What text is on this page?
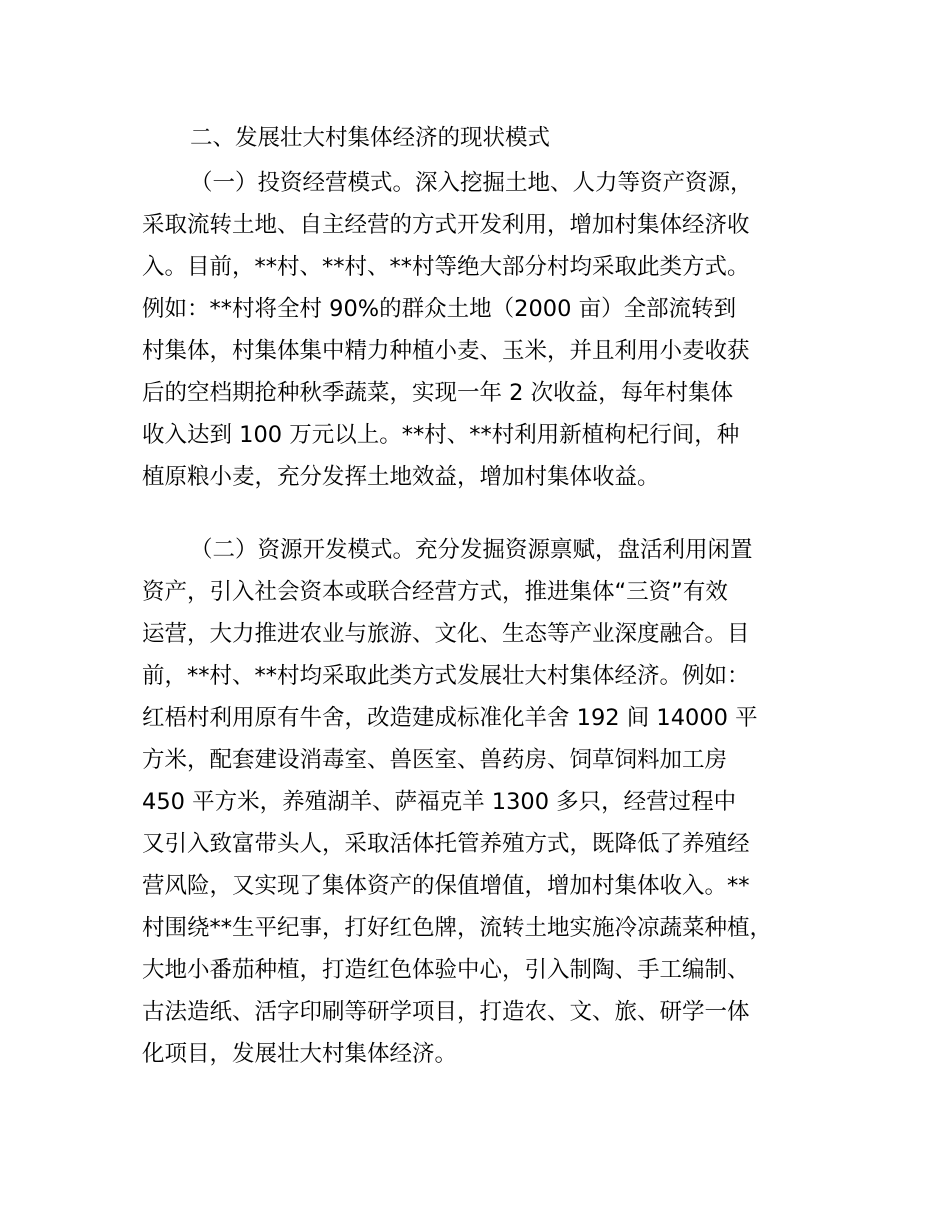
二、发展壮大村集体经济的现状模式
（一）投资经营模式。深入挖掘土地、人力等资产资源，
采取流转土地、自主经营的方式开发利用，增加村集体经济收
入。目前，**村、**村、**村等绝大部分村均采取此类方式。
例如：**村将全村 90%的群众土地（2000 亩）全部流转到
村集体，村集体集中精力种植小麦、玉米，并且利用小麦收获
后的空档期抢种秋季蔬菜，实现一年 2 次收益，每年村集体
收入达到 100 万元以上。**村、**村利用新植枸杞行间，种
植原粮小麦，充分发挥土地效益，增加村集体收益。
（二）资源开发模式。充分发掘资源禀赋，盘活利用闲置
资产，引入社会资本或联合经营方式，推进集体“三资”有效
运营，大力推进农业与旅游、文化、生态等产业深度融合。目
前，**村、**村均采取此类方式发展壮大村集体经济。例如：
红梧村利用原有牛舍，改造建成标准化羊舍 192 间 14000 平
方米，配套建设消毒室、兽医室、兽药房、饲草饲料加工房
450 平方米，养殖湖羊、萨福克羊 1300 多只，经营过程中
又引入致富带头人，采取活体托管养殖方式，既降低了养殖经
营风险，又实现了集体资产的保值增值，增加村集体收入。**
村围绕**生平纪事，打好红色牌，流转土地实施冷凉蔬菜种植，
大地小番茄种植，打造红色体验中心，引入制陶、手工编制、
古法造纸、活字印刷等研学项目，打造农、文、旅、研学一体
化项目，发展壮大村集体经济。
